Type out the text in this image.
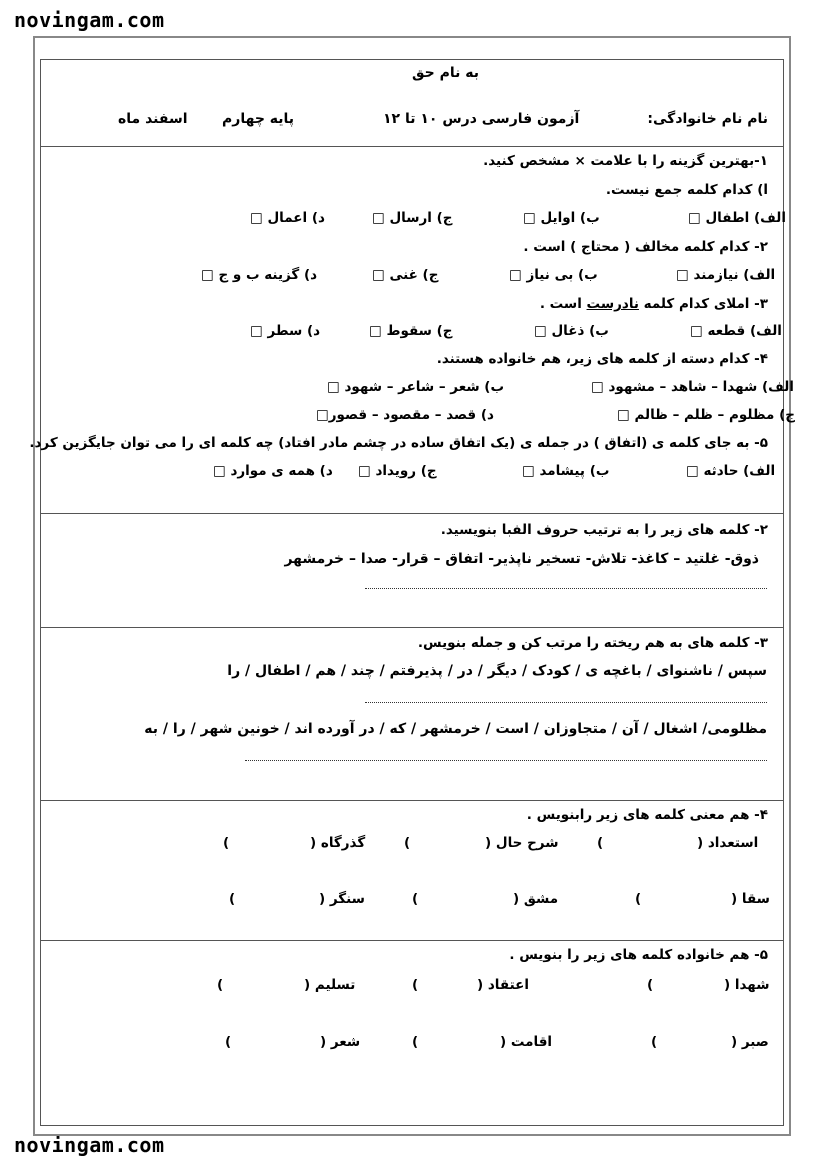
novingam.com
novingam.com
به نام حق
نام نام خانوادگی:
آزمون فارسی درس ۱۰ تا ۱۲
پایه چهارم
اسفند ماه
۱-بهترین گزینه را با علامت × مشخص کنید.
ا) کدام کلمه جمع نیست.
الف) اطفال □
ب) اوایل □
ج) ارسال □
د) اعمال □
۲- کدام کلمه مخالف ( محتاج ) است .
الف) نیازمند □
ب) بی نیاز □
ج) غنی □
د) گزینه ب و ج □
۳- املای کدام کلمه نادرست است .
الف) قطعه □
ب) ذغال □
ج) سقوط □
د) سطر □
۴- کدام دسته از کلمه های زیر، هم خانواده هستند.
الف) شهدا – شاهد – مشهود □
ب) شعر – شاعر – شهود □
ج) مظلوم – ظلم – ظالم □
د) قصد – مقصود – قصور□
۵- به جای کلمه ی (اتفاق ) در جمله ی (یک اتفاق ساده در چشم مادر افتاد) چه کلمه ای را می توان جایگزین کرد.
الف) حادثه □
ب) پیشامد □
ج) رویداد □
د) همه ی موارد □
۲- کلمه های زیر را به ترتیب حروف الفبا بنویسید.
ذوق- غلتید – کاغذ- تلاش- تسخیر ناپذیر- اتفاق – قرار- صدا – خرمشهر
۳- کلمه های به هم ریخته را مرتب کن و جمله بنویس.
سپس / ناشنوای / باغچه ی / کودک / دیگر / در / پذیرفتم / چند / هم / اطفال / را
مظلومی/ اشغال / آن / متجاوزان / است / خرمشهر / که / در آورده اند / خونین شهر / را / به
۴- هم معنی کلمه های زیر رابنویس .
استعداد (
)
شرح حال (
)
گذرگاه (
)
سقا (
)
مشق (
)
سنگر (
)
۵- هم خانواده کلمه های زیر را بنویس .
شهدا (
)
اعتقاد (
)
تسلیم (
)
صبر (
)
اقامت (
)
شعر (
)
